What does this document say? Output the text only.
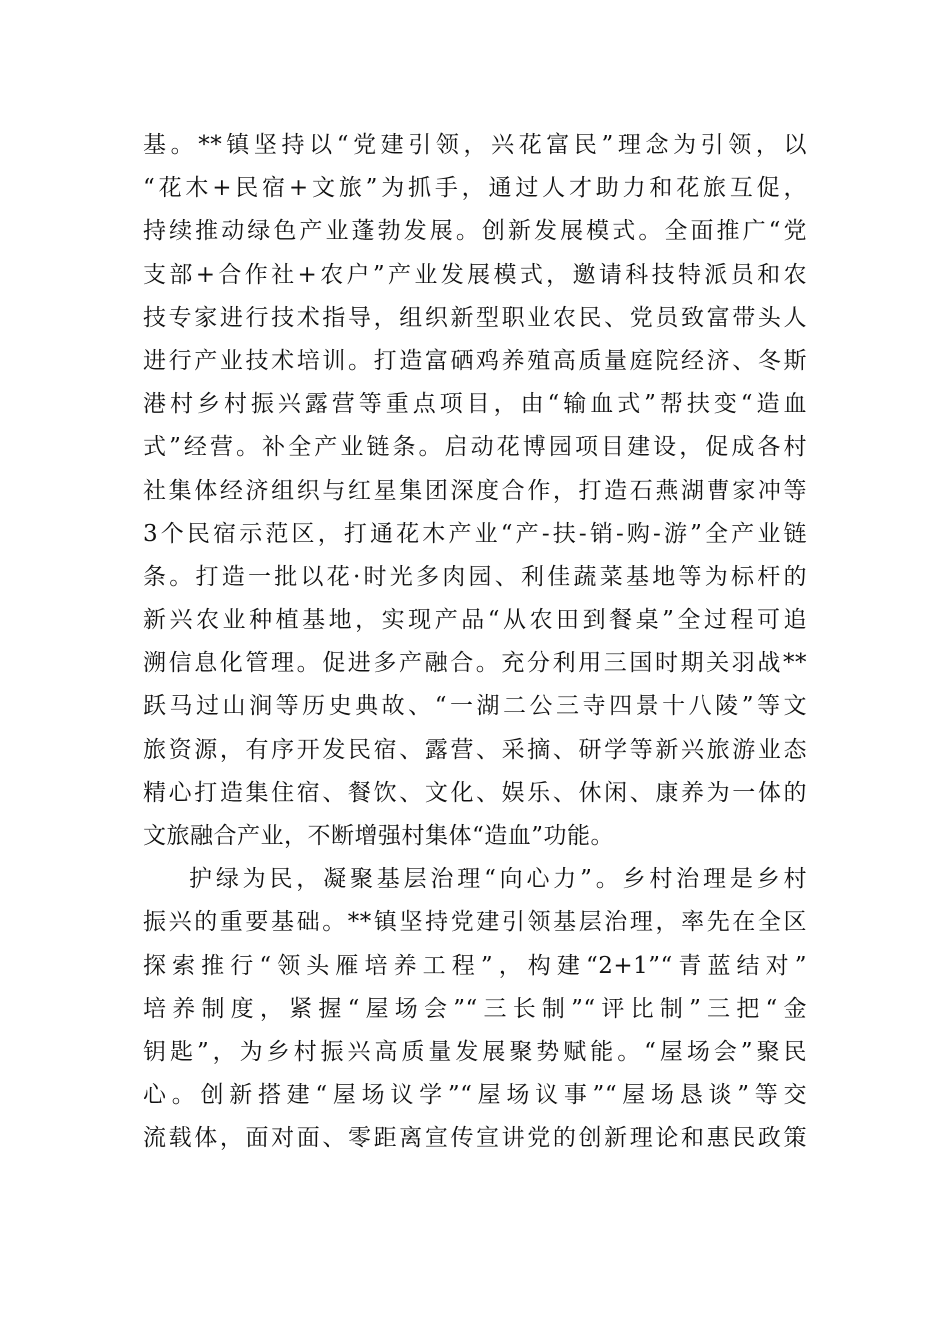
基。**镇坚持以“党建引领，兴花富民”理念为引领，以
“花木+民宿+文旅”为抓手，通过人才助力和花旅互促，
持续推动绿色产业蓬勃发展。创新发展模式。全面推广“党
支部+合作社+农户”产业发展模式，邀请科技特派员和农
技专家进行技术指导，组织新型职业农民、党员致富带头人
进行产业技术培训。打造富硒鸡养殖高质量庭院经济、冬斯
港村乡村振兴露营等重点项目，由“输血式”帮扶变“造血
式”经营。补全产业链条。启动花博园项目建设，促成各村
社集体经济组织与红星集团深度合作，打造石燕湖曹家冲等
3个民宿示范区，打通花木产业“产-扶-销-购-游”全产业链
条。打造一批以花·时光多肉园、利佳蔬菜基地等为标杆的
新兴农业种植基地，实现产品“从农田到餐桌”全过程可追
溯信息化管理。促进多产融合。充分利用三国时期关羽战**
跃马过山涧等历史典故、“一湖二公三寺四景十八陵”等文
旅资源，有序开发民宿、露营、采摘、研学等新兴旅游业态
精心打造集住宿、餐饮、文化、娱乐、休闲、康养为一体的
文旅融合产业，不断增强村集体“造血”功能。
护绿为民，凝聚基层治理“向心力”。乡村治理是乡村
振兴的重要基础。**镇坚持党建引领基层治理，率先在全区
探索推行“领头雁培养工程”，构建“2+1”“青蓝结对”
培养制度，紧握“屋场会”“三长制”“评比制”三把“金
钥匙”，为乡村振兴高质量发展聚势赋能。“屋场会”聚民
心。创新搭建“屋场议学”“屋场议事”“屋场恳谈”等交
流载体，面对面、零距离宣传宣讲党的创新理论和惠民政策
